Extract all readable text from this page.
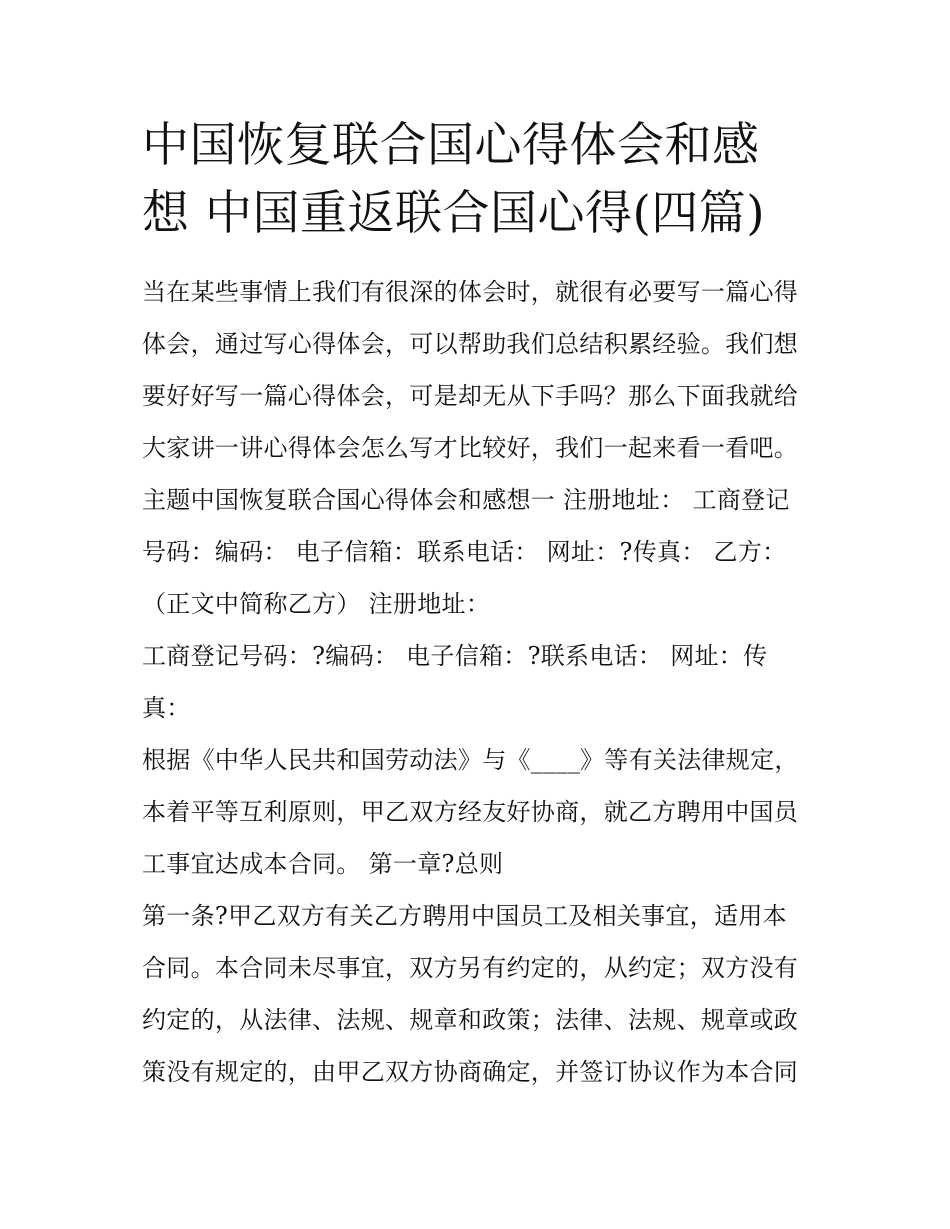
中国恢复联合国心得体会和感
想 中国重返联合国心得(四篇)
当在某些事情上我们有很深的体会时，就很有必要写一篇心得
体会，通过写心得体会，可以帮助我们总结积累经验。我们想
要好好写一篇心得体会，可是却无从下手吗？那么下面我就给
大家讲一讲心得体会怎么写才比较好，我们一起来看一看吧。
主题中国恢复联合国心得体会和感想一 注册地址： 工商登记
号码：编码： 电子信箱：联系电话： 网址：?传真： 乙方：
（正文中简称乙方） 注册地址：
工商登记号码：?编码： 电子信箱：?联系电话： 网址：传
真：
根据《中华人民共和国劳动法》与《____》等有关法律规定，
本着平等互利原则，甲乙双方经友好协商，就乙方聘用中国员
工事宜达成本合同。 第一章?总则
第一条?甲乙双方有关乙方聘用中国员工及相关事宜，适用本
合同。本合同未尽事宜，双方另有约定的，从约定；双方没有
约定的，从法律、法规、规章和政策；法律、法规、规章或政
策没有规定的，由甲乙双方协商确定，并签订协议作为本合同
